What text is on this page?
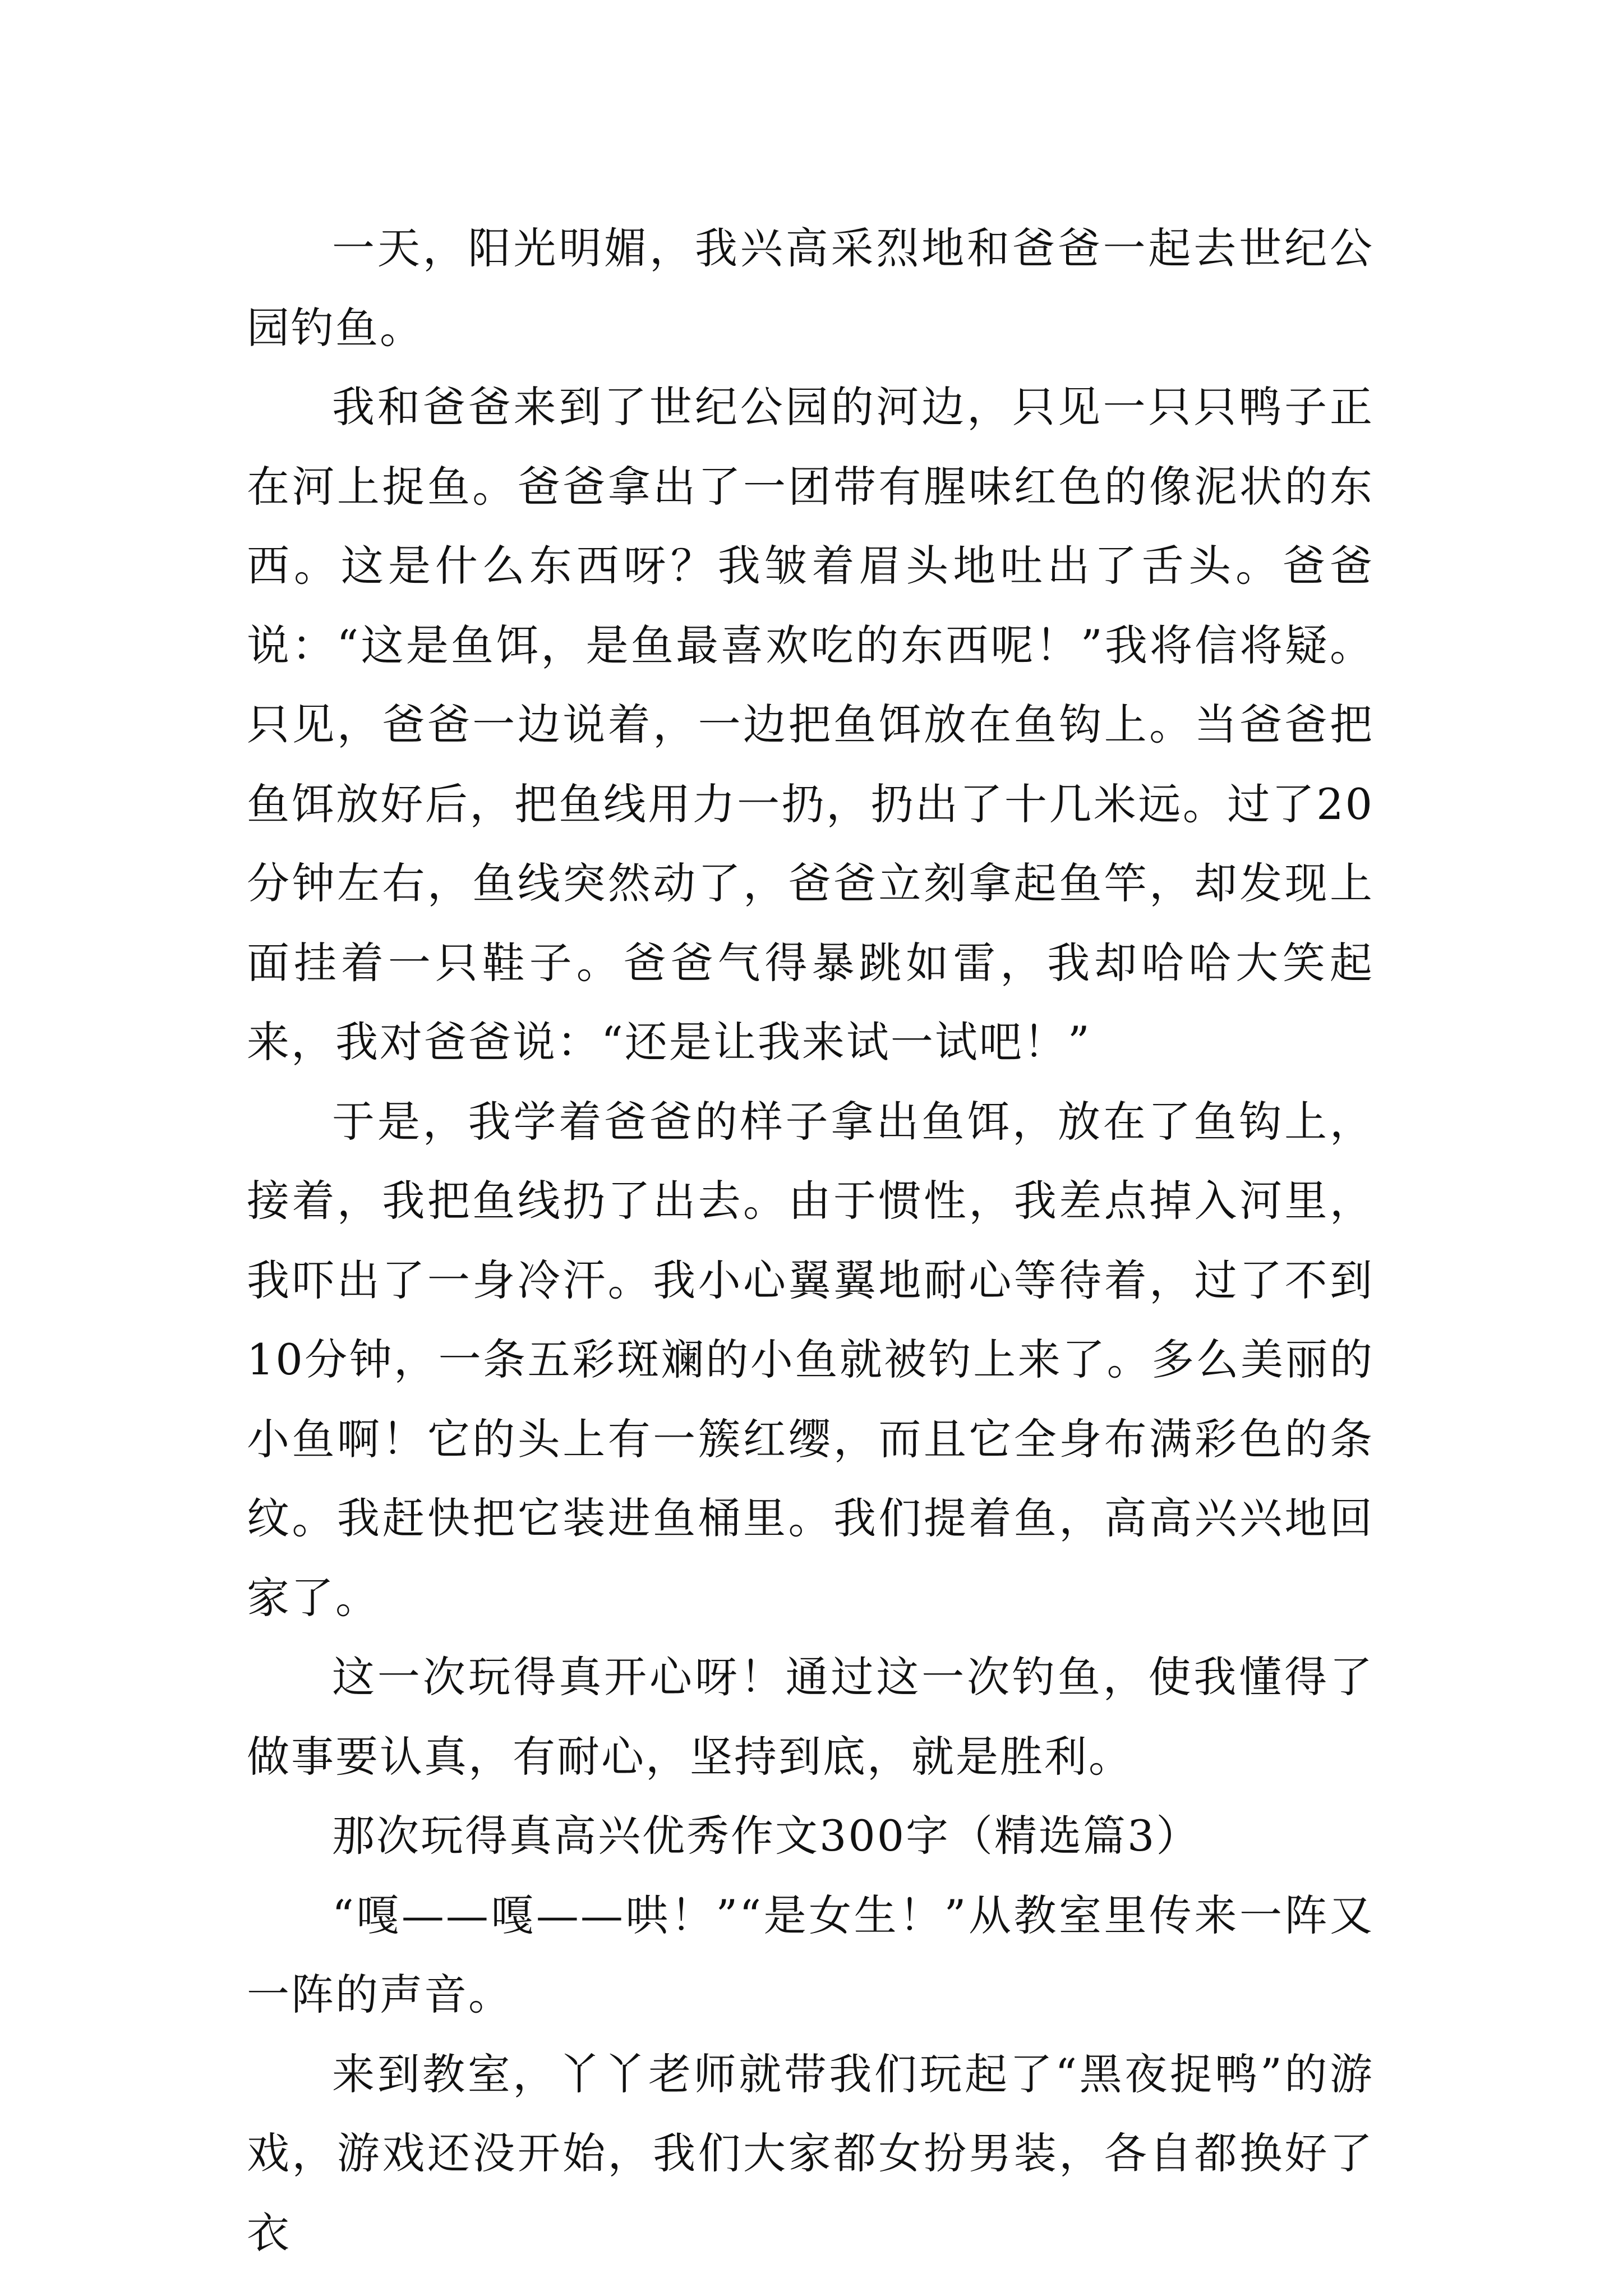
一天，阳光明媚，我兴高采烈地和爸爸一起去世纪公园钓鱼。

我和爸爸来到了世纪公园的河边，只见一只只鸭子正在河上捉鱼。爸爸拿出了一团带有腥味红色的像泥状的东西。这是什么东西呀？我皱着眉头地吐出了舌头。爸爸说：“这是鱼饵，是鱼最喜欢吃的东西呢！”我将信将疑。只见，爸爸一边说着，一边把鱼饵放在鱼钩上。当爸爸把鱼饵放好后，把鱼线用力一扔，扔出了十几米远。过了20分钟左右，鱼线突然动了，爸爸立刻拿起鱼竿，却发现上面挂着一只鞋子。爸爸气得暴跳如雷，我却哈哈大笑起来，我对爸爸说：“还是让我来试一试吧！”

于是，我学着爸爸的样子拿出鱼饵，放在了鱼钩上，接着，我把鱼线扔了出去。由于惯性，我差点掉入河里，我吓出了一身冷汗。我小心翼翼地耐心等待着，过了不到10分钟，一条五彩斑斓的小鱼就被钓上来了。多么美丽的小鱼啊！它的头上有一簇红缨，而且它全身布满彩色的条纹。我赶快把它装进鱼桶里。我们提着鱼，高高兴兴地回家了。

这一次玩得真开心呀！通过这一次钓鱼，使我懂得了做事要认真，有耐心，坚持到底，就是胜利。

那次玩得真高兴优秀作文300字（精选篇3）

“嘎——嘎——哄！”“是女生！”从教室里传来一阵又一阵的声音。

来到教室，丫丫老师就带我们玩起了“黑夜捉鸭”的游戏，游戏还没开始，我们大家都女扮男装，各自都换好了衣
